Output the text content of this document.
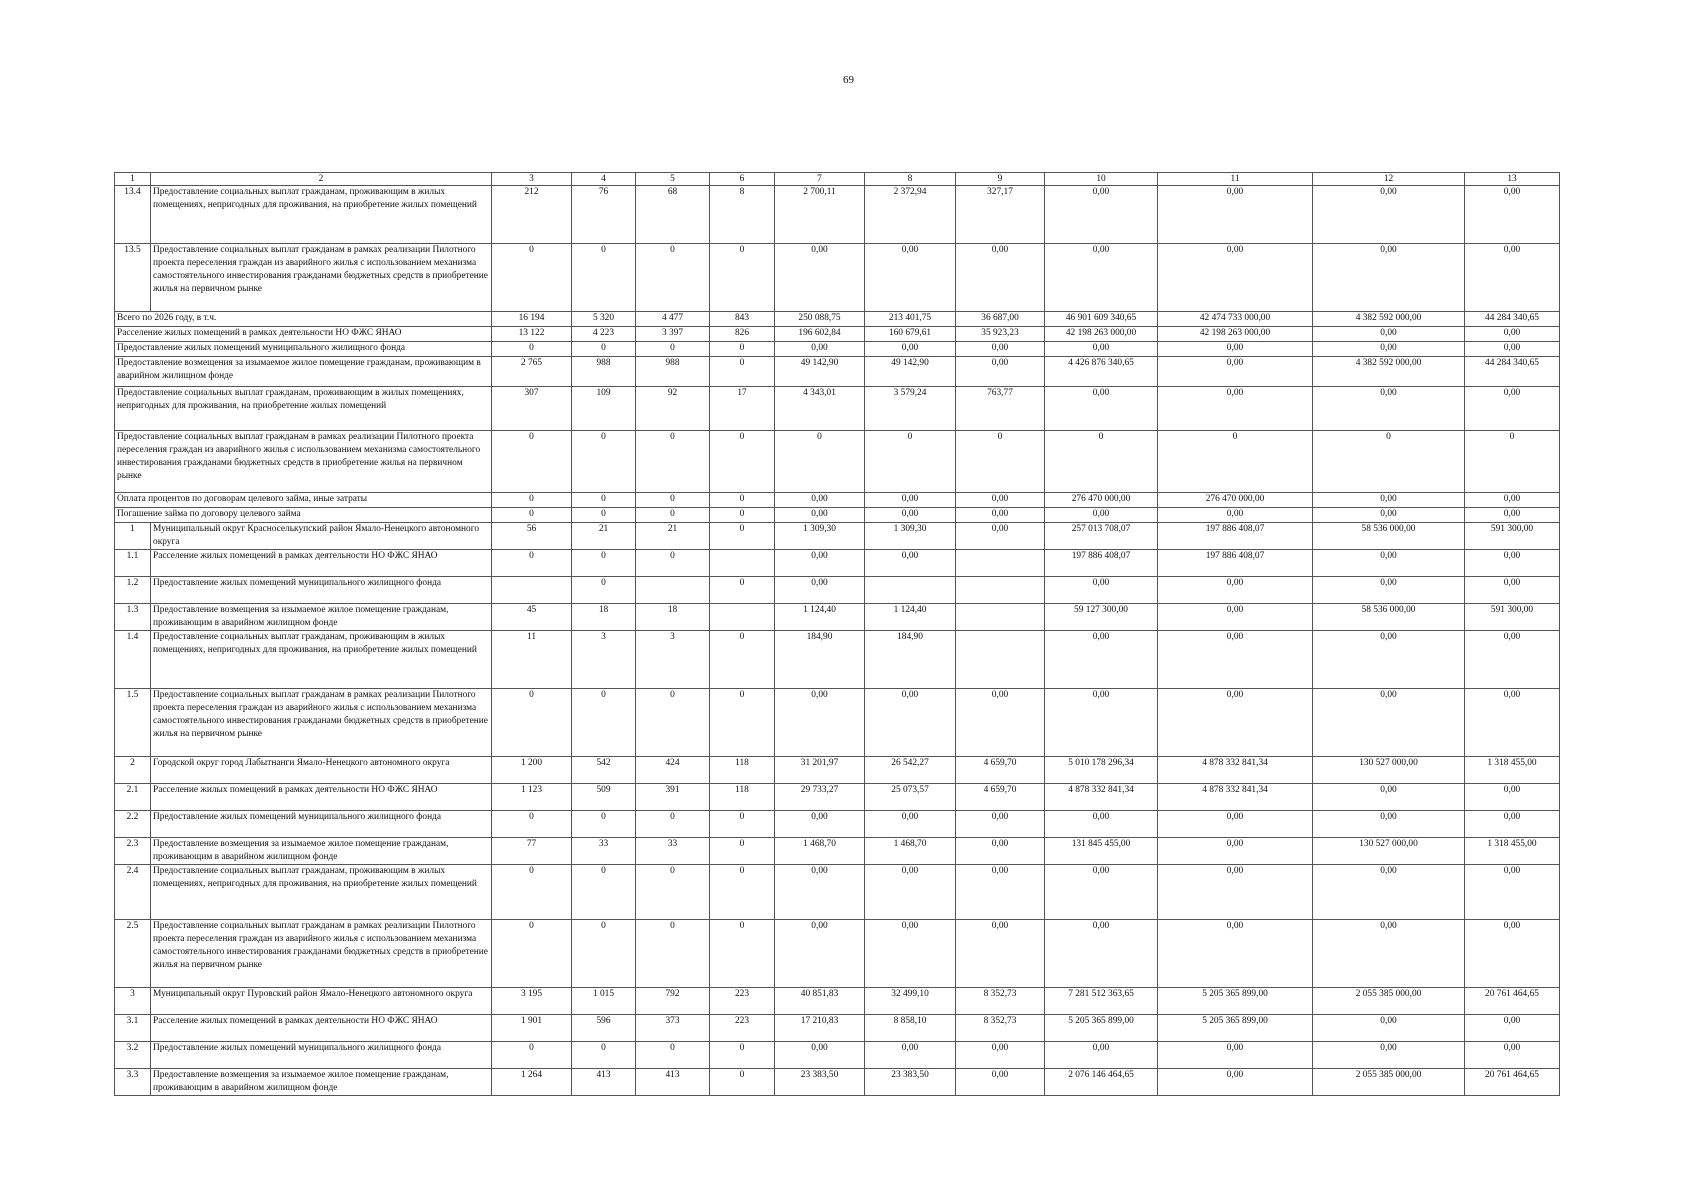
69
1	2	3	4	5	6	7	8	9	10	11	12	13
13.4	Предоставление социальных выплат гражданам, проживающим в жилых помещениях, непригодных для проживания, на приобретение жилых помещений	212	76	68	8	2 700,11	2 372,94	327,17	0,00	0,00	0,00	0,00
13.5	Предоставление социальных выплат гражданам в рамках реализации Пилотного проекта переселения граждан из аварийного жилья с использованием механизма самостоятельного инвестирования гражданами бюджетных средств в приобретение жилья на первичном рынке	0	0	0	0	0,00	0,00	0,00	0,00	0,00	0,00	0,00
Всего по 2026 году, в т.ч.		16 194	5 320	4 477	843	250 088,75	213 401,75	36 687,00	46 901 609 340,65	42 474 733 000,00	4 382 592 000,00	44 284 340,65
Расселение жилых помещений в рамках деятельности НО ФЖС ЯНАО		13 122	4 223	3 397	826	196 602,84	160 679,61	35 923,23	42 198 263 000,00	42 198 263 000,00	0,00	0,00
Предоставление жилых помещений муниципального жилищного фонда		0	0	0	0	0,00	0,00	0,00	0,00	0,00	0,00	0,00
Предоставление возмещения за изымаемое жилое помещение гражданам, проживающим в аварийном жилищном фонде		2 765	988	988	0	49 142,90	49 142,90	0,00	4 426 876 340,65	0,00	4 382 592 000,00	44 284 340,65
Предоставление социальных выплат гражданам, проживающим в жилых помещениях, непригодных для проживания, на приобретение жилых помещений		307	109	92	17	4 343,01	3 579,24	763,77	0,00	0,00	0,00	0,00
Предоставление социальных выплат гражданам в рамках реализации Пилотного проекта переселения граждан из аварийного жилья с использованием механизма самостоятельного инвестирования гражданами бюджетных средств в приобретение жилья на первичном рынке		0	0	0	0	0	0	0	0	0	0	0
Оплата процентов по договорам целевого займа, иные затраты		0	0	0	0	0,00	0,00	0,00	276 470 000,00	276 470 000,00	0,00	0,00
Погашение займа по договору целевого займа		0	0	0	0	0,00	0,00	0,00	0,00	0,00	0,00	0,00
1	Муниципальный округ Красноселькупский район Ямало-Ненецкого автономного округа	56	21	21	0	1 309,30	1 309,30	0,00	257 013 708,07	197 886 408,07	58 536 000,00	591 300,00
1.1	Расселение жилых помещений в рамках деятельности НО ФЖС ЯНАО	0	0	0		0,00	0,00		197 886 408,07	197 886 408,07	0,00	0,00
1.2	Предоставление жилых помещений муниципального жилищного фонда		0		0	0,00			0,00	0,00	0,00	0,00
1.3	Предоставление возмещения за изымаемое жилое помещение гражданам, проживающим в аварийном жилищном фонде	45	18	18		1 124,40	1 124,40		59 127 300,00	0,00	58 536 000,00	591 300,00
1.4	Предоставление социальных выплат гражданам, проживающим в жилых помещениях, непригодных для проживания, на приобретение жилых помещений	11	3	3	0	184,90	184,90		0,00	0,00	0,00	0,00
1.5	Предоставление социальных выплат гражданам в рамках реализации Пилотного проекта переселения граждан из аварийного жилья с использованием механизма самостоятельного инвестирования гражданами бюджетных средств в приобретение жилья на первичном рынке	0	0	0	0	0,00	0,00	0,00	0,00	0,00	0,00	0,00
2	Городской округ город Лабытнанги Ямало-Ненецкого автономного округа	1 200	542	424	118	31 201,97	26 542,27	4 659,70	5 010 178 296,34	4 878 332 841,34	130 527 000,00	1 318 455,00
2.1	Расселение жилых помещений в рамках деятельности НО ФЖС ЯНАО	1 123	509	391	118	29 733,27	25 073,57	4 659,70	4 878 332 841,34	4 878 332 841,34	0,00	0,00
2.2	Предоставление жилых помещений муниципального жилищного фонда	0	0	0	0	0,00	0,00	0,00	0,00	0,00	0,00	0,00
2.3	Предоставление возмещения за изымаемое жилое помещение гражданам, проживающим в аварийном жилищном фонде	77	33	33	0	1 468,70	1 468,70	0,00	131 845 455,00	0,00	130 527 000,00	1 318 455,00
2.4	Предоставление социальных выплат гражданам, проживающим в жилых помещениях, непригодных для проживания, на приобретение жилых помещений	0	0	0	0	0,00	0,00	0,00	0,00	0,00	0,00	0,00
2.5	Предоставление социальных выплат гражданам в рамках реализации Пилотного проекта переселения граждан из аварийного жилья с использованием механизма самостоятельного инвестирования гражданами бюджетных средств в приобретение жилья на первичном рынке	0	0	0	0	0,00	0,00	0,00	0,00	0,00	0,00	0,00
3	Муниципальный округ Пуровский район Ямало-Ненецкого автономного округа	3 195	1 015	792	223	40 851,83	32 499,10	8 352,73	7 281 512 363,65	5 205 365 899,00	2 055 385 000,00	20 761 464,65
3.1	Расселение жилых помещений в рамках деятельности НО ФЖС ЯНАО	1 901	596	373	223	17 210,83	8 858,10	8 352,73	5 205 365 899,00	5 205 365 899,00	0,00	0,00
3.2	Предоставление жилых помещений муниципального жилищного фонда	0	0	0	0	0,00	0,00	0,00	0,00	0,00	0,00	0,00
3.3	Предоставление возмещения за изымаемое жилое помещение гражданам, проживающим в аварийном жилищном фонде	1 264	413	413	0	23 383,50	23 383,50	0,00	2 076 146 464,65	0,00	2 055 385 000,00	20 761 464,65
